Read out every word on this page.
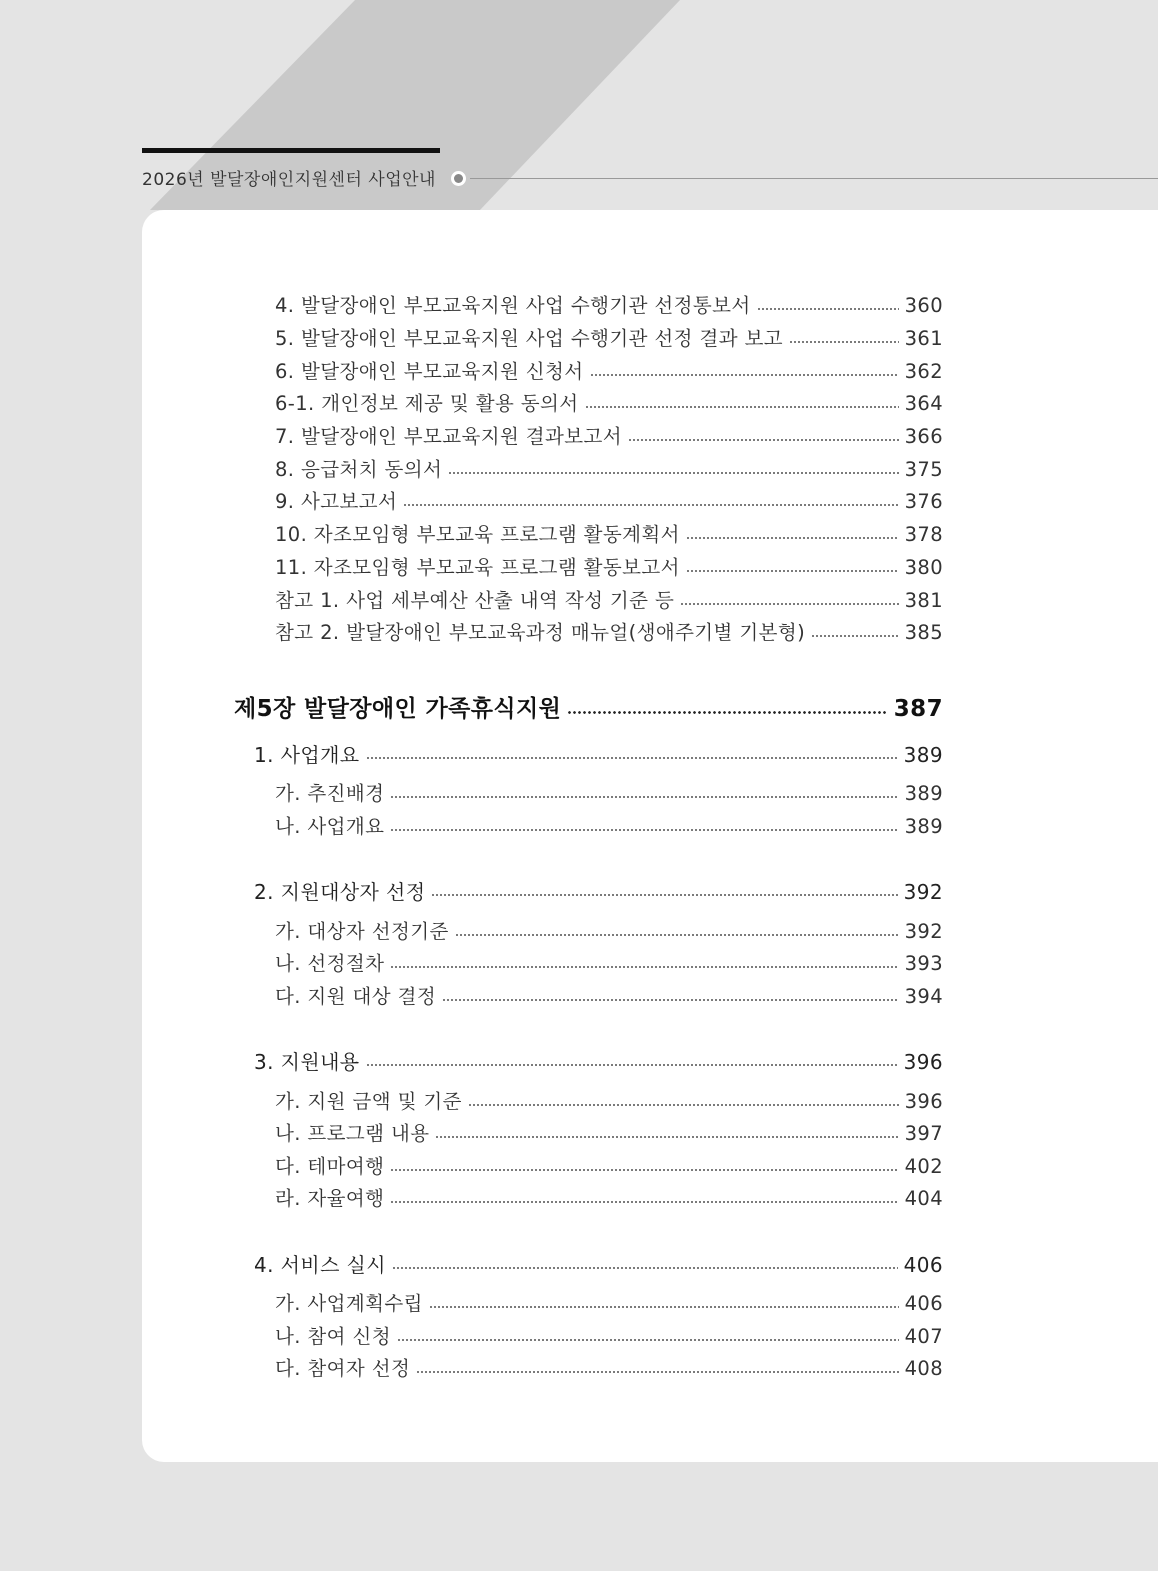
2026년 발달장애인지원센터 사업안내
4. 발달장애인 부모교육지원 사업 수행기관 선정통보서	360
5. 발달장애인 부모교육지원 사업 수행기관 선정 결과 보고	361
6. 발달장애인 부모교육지원 신청서	362
6-1. 개인정보 제공 및 활용 동의서	364
7. 발달장애인 부모교육지원 결과보고서	366
8. 응급처치 동의서	375
9. 사고보고서	376
10. 자조모임형 부모교육 프로그램 활동계획서	378
11. 자조모임형 부모교육 프로그램 활동보고서	380
참고 1. 사업 세부예산 산출 내역 작성 기준 등	381
참고 2. 발달장애인 부모교육과정 매뉴얼(생애주기별 기본형)	385
제5장 발달장애인 가족휴식지원	387
1. 사업개요	389
가. 추진배경	389
나. 사업개요	389
2. 지원대상자 선정	392
가. 대상자 선정기준	392
나. 선정절차	393
다. 지원 대상 결정	394
3. 지원내용	396
가. 지원 금액 및 기준	396
나. 프로그램 내용	397
다. 테마여행	402
라. 자율여행	404
4. 서비스 실시	406
가. 사업계획수립	406
나. 참여 신청	407
다. 참여자 선정	408
